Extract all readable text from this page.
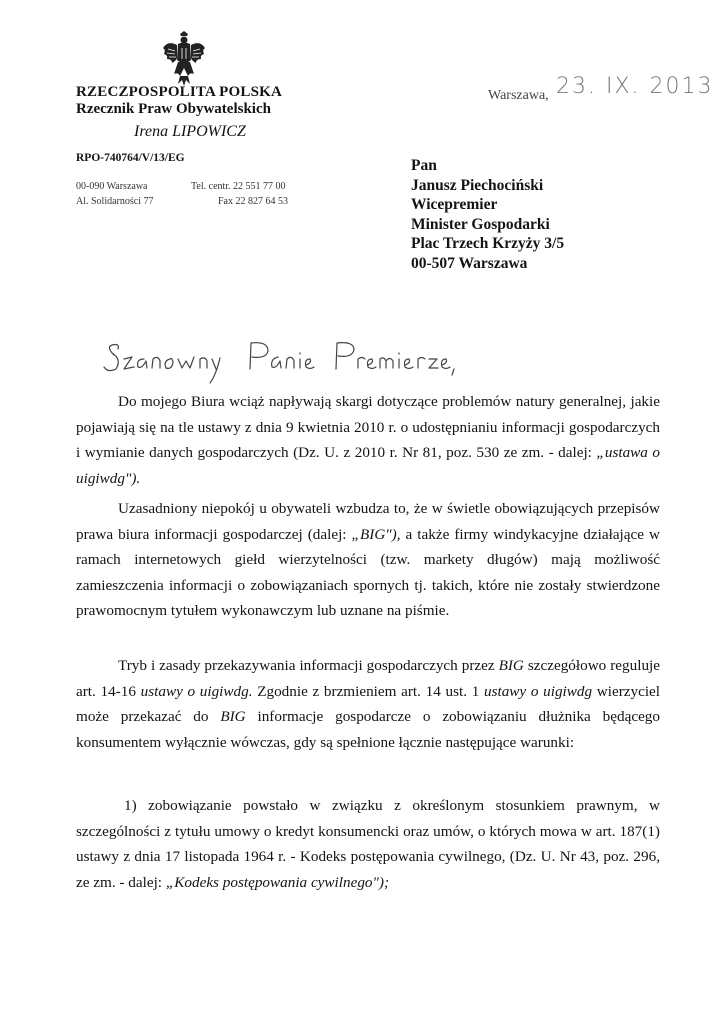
RZECZPOSPOLITA POLSKA
Rzecznik Praw Obywatelskich
Irena LIPOWICZ
RPO-740764/V/13/EG
00-090 Warszawa
Al. Solidarności 77
Tel. centr. 22 551 77 00
Fax 22 827 64 53
Warszawa, 23. IX. 2013
Pan
Janusz Piechociński
Wicepremier
Minister Gospodarki
Plac Trzech Krzyży 3/5
00-507 Warszawa

Do mojego Biura wciąż napływają skargi dotyczące problemów natury generalnej, jakie pojawiają się na tle ustawy z dnia 9 kwietnia 2010 r. o udostępnianiu informacji gospodarczych i wymianie danych gospodarczych (Dz. U. z 2010 r. Nr 81, poz. 530 ze zm. - dalej: „ustawa o uigiwdg").

Uzasadniony niepokój u obywateli wzbudza to, że w świetle obowiązujących przepisów prawa biura informacji gospodarczej (dalej: „BIG"), a także firmy windykacyjne działające w ramach internetowych giełd wierzytelności (tzw. markety długów) mają możliwość zamieszczenia informacji o zobowiązaniach spornych tj. takich, które nie zostały stwierdzone prawomocnym tytułem wykonawczym lub uznane na piśmie.

Tryb i zasady przekazywania informacji gospodarczych przez BIG szczegółowo reguluje art. 14-16 ustawy o uigiwdg. Zgodnie z brzmieniem art. 14 ust. 1 ustawy o uigiwdg wierzyciel może przekazać do BIG informacje gospodarcze o zobowiązaniu dłużnika będącego konsumentem wyłącznie wówczas, gdy są spełnione łącznie następujące warunki:

1) zobowiązanie powstało w związku z określonym stosunkiem prawnym, w szczególności z tytułu umowy o kredyt konsumencki oraz umów, o których mowa w art. 187(1) ustawy z dnia 17 listopada 1964 r. - Kodeks postępowania cywilnego, (Dz. U. Nr 43, poz. 296, ze zm. - dalej: „Kodeks postępowania cywilnego");
